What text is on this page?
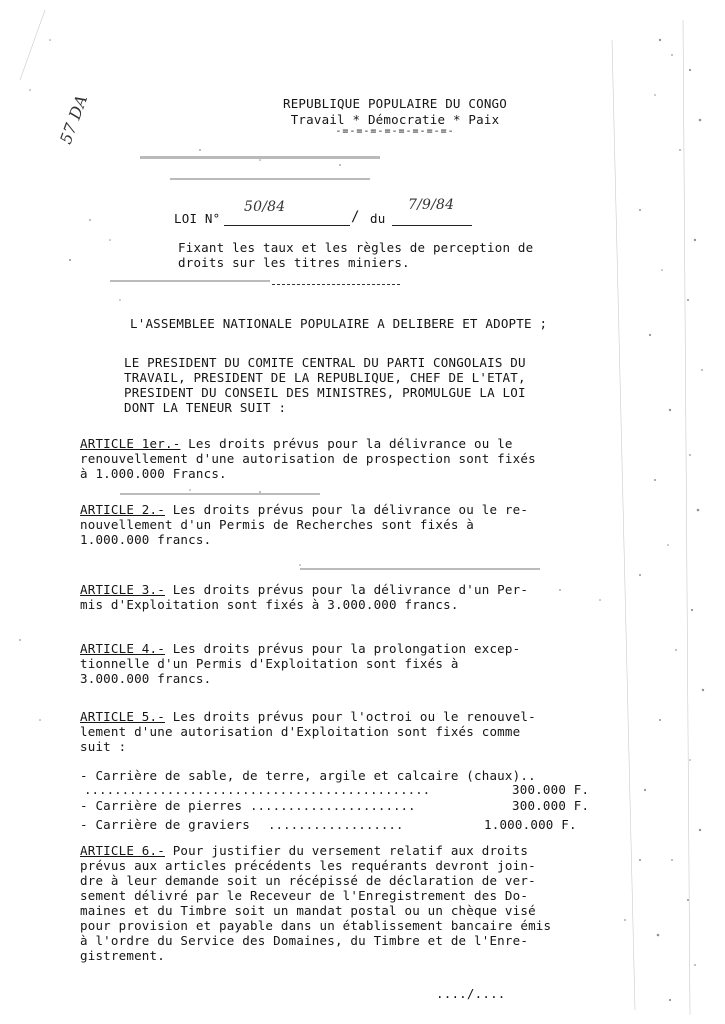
REPUBLIQUE POPULAIRE DU CONGO
Travail * Démocratie * Paix
-=-=-=-=-=-=-=-=-
57 DA
LOI N°
50/84
/ du
7/9/84
Fixant les taux et les règles de perception de
droits sur les titres miniers.
L'ASSEMBLEE NATIONALE POPULAIRE A DELIBERE ET ADOPTE ;
LE PRESIDENT DU COMITE CENTRAL DU PARTI CONGOLAIS DU
TRAVAIL, PRESIDENT DE LA REPUBLIQUE, CHEF DE L'ETAT,
PRESIDENT DU CONSEIL DES MINISTRES, PROMULGUE LA LOI
DONT LA TENEUR SUIT :
ARTICLE 1er.- Les droits prévus pour la délivrance ou le
renouvellement d'une autorisation de prospection sont fixés
à 1.000.000 Francs.
ARTICLE 2.- Les droits prévus pour la délivrance ou le re-
nouvellement d'un Permis de Recherches sont fixés à
1.000.000 francs.
ARTICLE 3.- Les droits prévus pour la délivrance d'un Per-
mis d'Exploitation sont fixés à 3.000.000 francs.
ARTICLE 4.- Les droits prévus pour la prolongation excep-
tionnelle d'un Permis d'Exploitation sont fixés à
3.000.000 francs.
ARTICLE 5.- Les droits prévus pour l'octroi ou le renouvel-
lement d'une autorisation d'Exploitation sont fixés comme
suit :
- Carrière de sable, de terre, argile et calcaire (chaux)..
..............................................	300.000 F.
- Carrière de pierres ......................	300.000 F.
- Carrière de graviers ..................	1.000.000 F.
ARTICLE 6.- Pour justifier du versement relatif aux droits
prévus aux articles précédents les requérants devront join-
dre à leur demande soit un récépissé de déclaration de ver-
sement délivré par le Receveur de l'Enregistrement des Do-
maines et du Timbre soit un mandat postal ou un chèque visé
pour provision et payable dans un établissement bancaire émis
à l'ordre du Service des Domaines, du Timbre et de l'Enre-
gistrement.
..../....
